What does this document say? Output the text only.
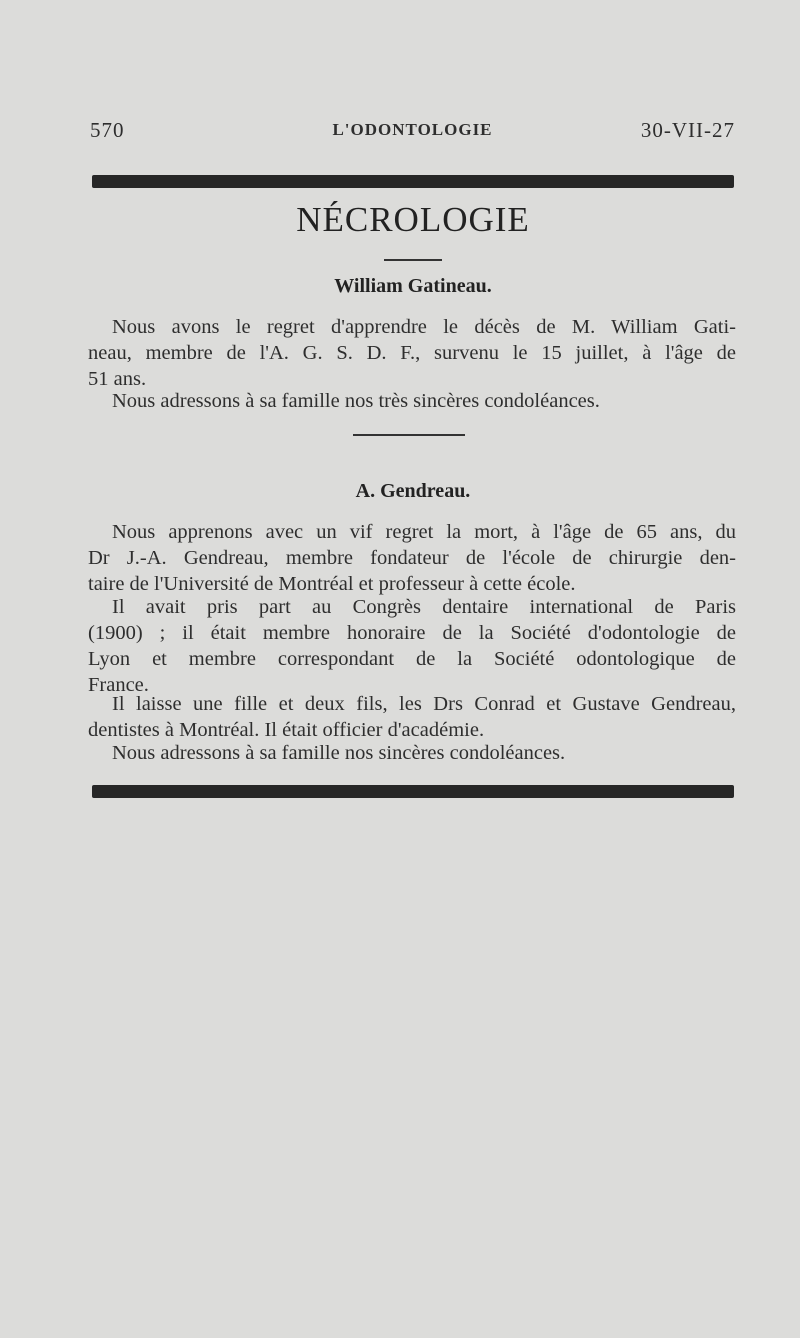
570	L'ODONTOLOGIE	30-VII-27
NÉCROLOGIE
William Gatineau.
Nous avons le regret d'apprendre le décès de M. William Gati-
neau, membre de l'A. G. S. D. F., survenu le 15 juillet, à l'âge de
51 ans.
Nous adressons à sa famille nos très sincères condoléances.
A. Gendreau.
Nous apprenons avec un vif regret la mort, à l'âge de 65 ans, du
Dr J.-A. Gendreau, membre fondateur de l'école de chirurgie den-
taire de l'Université de Montréal et professeur à cette école.
Il avait pris part au Congrès dentaire international de Paris
(1900) ; il était membre honoraire de la Société d'odontologie de
Lyon et membre correspondant de la Société odontologique de
France.
Il laisse une fille et deux fils, les Drs Conrad et Gustave Gendreau,
dentistes à Montréal. Il était officier d'académie.
Nous adressons à sa famille nos sincères condoléances.
